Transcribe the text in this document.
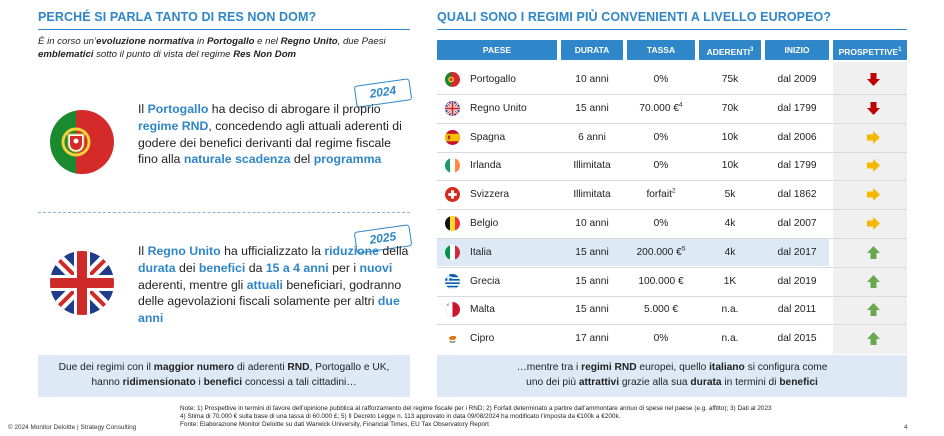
PERCHÉ SI PARLA TANTO DI RES NON DOM?
È in corso un’evoluzione normativa in Portogallo e nel Regno Unito, due Paesi emblematici sotto il punto di vista del regime Res Non Dom
2024
Il Portogallo ha deciso di abrogare il proprio regime RND, concedendo agli attuali aderenti di godere dei benefici derivanti dal regime fiscale fino alla naturale scadenza del programma
2025
Il Regno Unito ha ufficializzato la riduzione della durata dei benefici da 15 a 4 anni per i nuovi aderenti, mentre gli attuali beneficiari, godranno delle agevolazioni fiscali solamente per altri due anni
Due dei regimi con il maggior numero di aderenti RND, Portogallo e UK,
hanno ridimensionato i benefici concessi a tali cittadini…
QUALI SONO I REGIMI PIÙ CONVENIENTI A LIVELLO EUROPEO?
PAESE	DURATA	TASSA	ADERENTI$^3$	INIZIO	PROSPETTIVE$^1$
Portogallo	10 anni	0%	75k	dal 2009
Regno Unito	15 anni	70.000 €$^4$	70k	dal 1799
Spagna	6 anni	0%	10k	dal 2006
Irlanda	Illimitata	0%	10k	dal 1799
Svizzera	Illimitata	forfait$^2$	5k	dal 1862
Belgio	10 anni	0%	4k	dal 2007
Italia	15 anni	200.000 €$^5$	4k	dal 2017
Grecia	15 anni	100.000 €	1K	dal 2019
Malta	15 anni	5.000 €	n.a.	dal 2011
Cipro	17 anni	0%	n.a.	dal 2015
…mentre tra i regimi RND europei, quello italiano si configura come
uno dei più attrattivi grazie alla sua durata in termini di benefici
Note: 1) Prospettive in termini di favore dell’opinione pubblica al rafforzamento del regime fiscale per i RND; 2) Forfait determinato a partire dall’ammontare annuo di spese nel paese (e.g. affitto); 3) Dati al 2023
4) Stima di 70.000 € sulla base di una tassa di 60.000 £; 5) Il Decreto Legge n. 113 approvato in data 09/08/2024 ha modificato l’imposta da €100k a €200k.
Fonte: Elaborazione Monitor Deloitte su dati Warwick University, Financial Times, EU Tax Observatory Report
© 2024 Monitor Deloitte | Strategy Consulting	4
